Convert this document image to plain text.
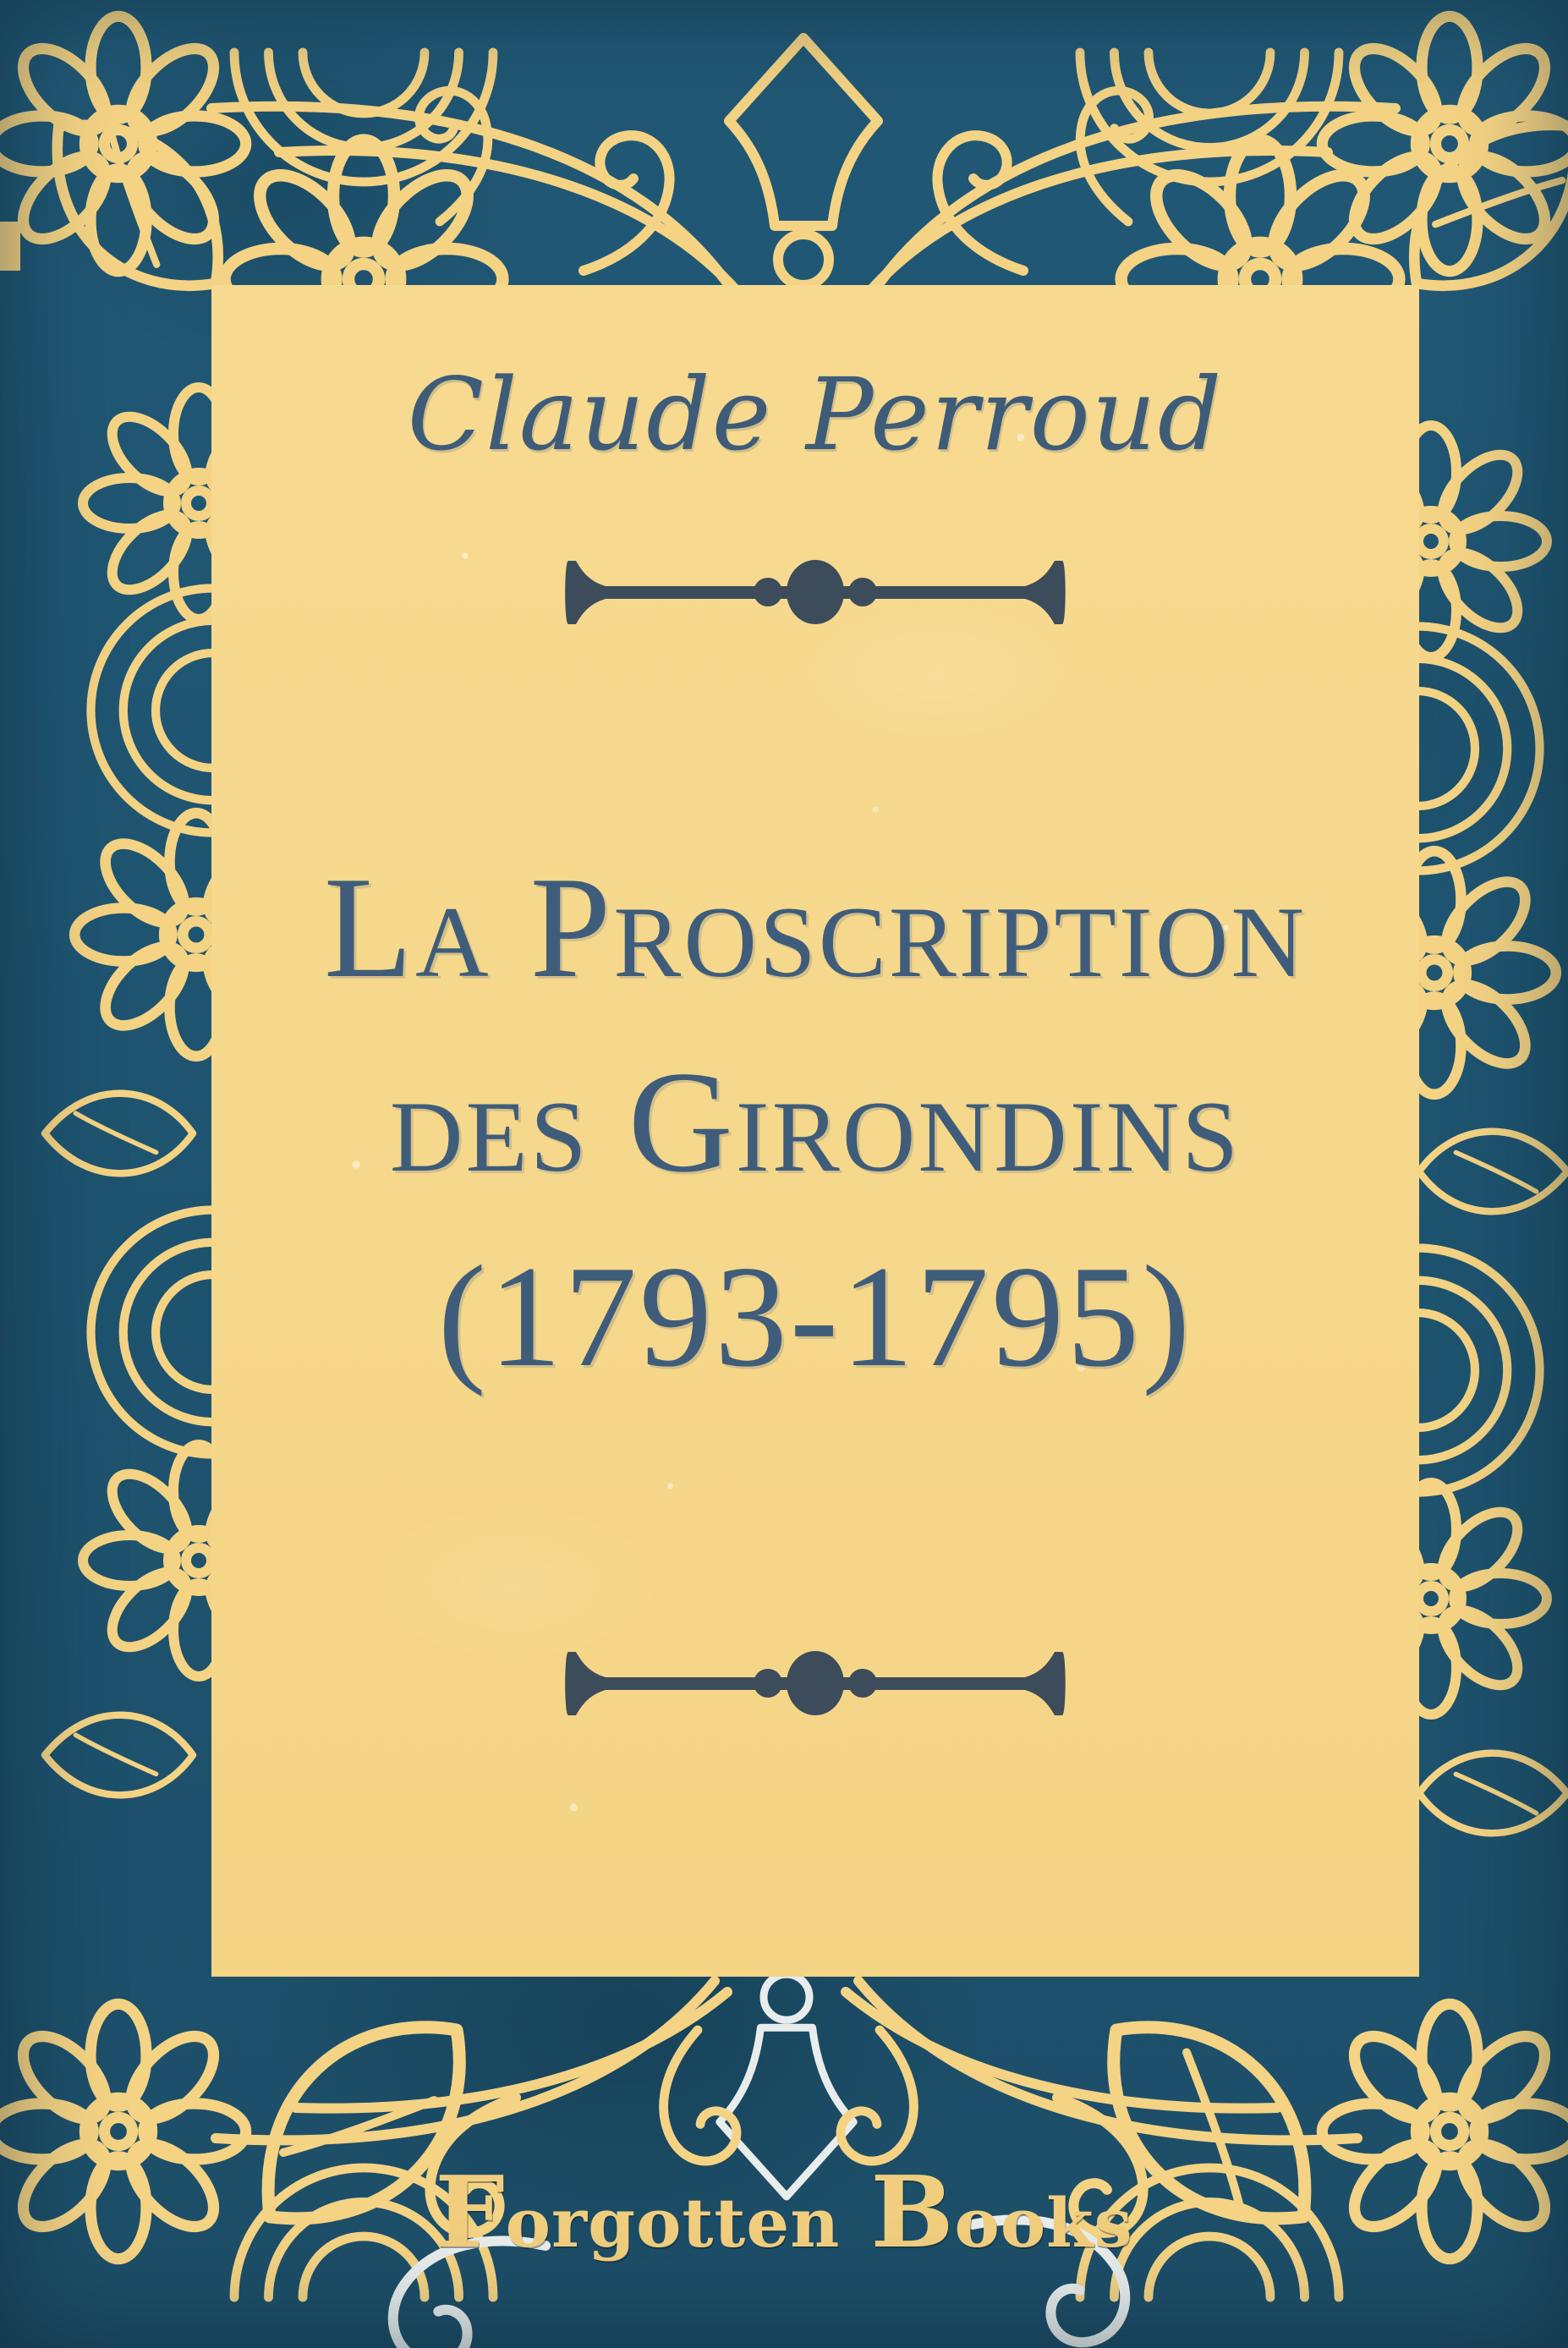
Claude Perroud
La Proscription
des Girondins
(1793-1795)
Forgotten Books
